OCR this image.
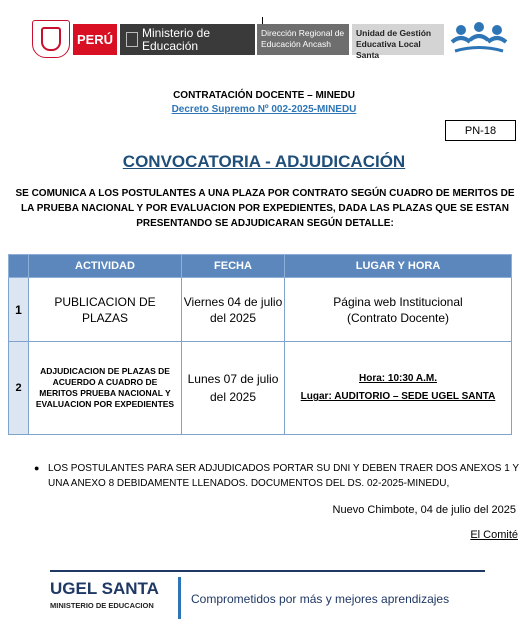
PERÚ	Ministerio de Educación
Dirección Regional de Educación Ancash
Unidad de Gestión Educativa Local Santa
CONTRATACIÓN DOCENTE – MINEDU
Decreto Supremo Nº 002-2025-MINEDU
PN-18
CONVOCATORIA - ADJUDICACIÓN
SE COMUNICA A LOS POSTULANTES A UNA PLAZA POR CONTRATO SEGÚN CUADRO DE MERITOS DE LA PRUEBA NACIONAL Y POR EVALUACION POR EXPEDIENTES, DADA LAS PLAZAS QUE SE ESTAN PRESENTANDO SE ADJUDICARAN SEGÚN DETALLE:
	ACTIVIDAD	FECHA	LUGAR Y HORA
1	PUBLICACION DE PLAZAS	Viernes 04 de julio del 2025	Página web Institucional (Contrato Docente)
2	ADJUDICACION DE PLAZAS DE ACUERDO A CUADRO DE MERITOS PRUEBA NACIONAL Y EVALUACION POR EXPEDIENTES	Lunes 07 de julio del 2025	Hora: 10:30 A.M.
Lugar: AUDITORIO – SEDE UGEL SANTA
● LOS POSTULANTES PARA SER ADJUDICADOS PORTAR SU DNI Y DEBEN TRAER DOS ANEXOS 1 Y UNA ANEXO 8 DEBIDAMENTE LLENADOS. DOCUMENTOS DEL DS. 02-2025-MINEDU,
Nuevo Chimbote, 04 de julio del 2025
El Comité
UGEL SANTA
MINISTERIO DE EDUCACION	Comprometidos por más y mejores aprendizajes
